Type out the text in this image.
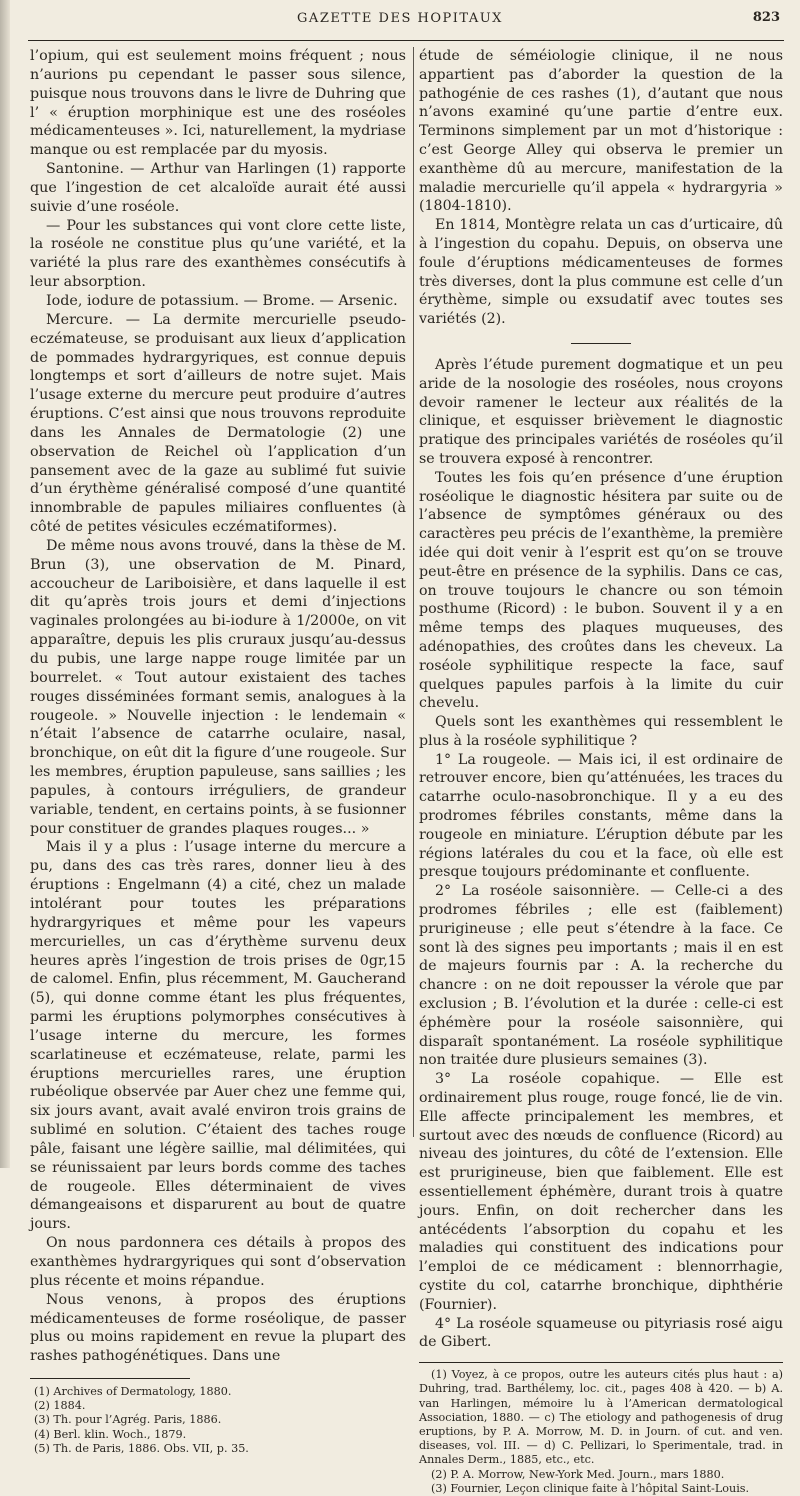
GAZETTE DES HOPITAUX	823

l’opium, qui est seulement moins fréquent ; nous n’aurions pu cependant le passer sous silence, puisque nous trouvons dans le livre de Duhring que l’ « éruption morphinique est une des roséoles médicamenteuses ». Ici, naturellement, la mydriase manque ou est remplacée par du myosis.

Santonine. — Arthur van Harlingen (1) rapporte que l’ingestion de cet alcaloïde aurait été aussi suivie d’une roséole.

— Pour les substances qui vont clore cette liste, la roséole ne constitue plus qu’une variété, et la variété la plus rare des exanthèmes consécutifs à leur absorption.

Iode, iodure de potassium. — Brome. — Arsenic.

Mercure. — La dermite mercurielle pseudo-eczémateuse, se produisant aux lieux d’application de pommades hydrargyriques, est connue depuis longtemps et sort d’ailleurs de notre sujet. Mais l’usage externe du mercure peut produire d’autres éruptions. C’est ainsi que nous trouvons reproduite dans les Annales de Dermatologie (2) une observation de Reichel où l’application d’un pansement avec de la gaze au sublimé fut suivie d’un érythème généralisé composé d’une quantité innombrable de papules miliaires confluentes (à côté de petites vésicules eczématiformes).

De même nous avons trouvé, dans la thèse de M. Brun (3), une observation de M. Pinard, accoucheur de Lariboisière, et dans laquelle il est dit qu’après trois jours et demi d’injections vaginales prolongées au bi-iodure à 1/2000e, on vit apparaître, depuis les plis cruraux jusqu’au-dessus du pubis, une large nappe rouge limitée par un bourrelet. « Tout autour existaient des taches rouges disséminées formant semis, analogues à la rougeole. » Nouvelle injection : le lendemain « n’était l’absence de catarrhe oculaire, nasal, bronchique, on eût dit la figure d’une rougeole. Sur les membres, éruption papuleuse, sans saillies ; les papules, à contours irréguliers, de grandeur variable, tendent, en certains points, à se fusionner pour constituer de grandes plaques rouges... »

Mais il y a plus : l’usage interne du mercure a pu, dans des cas très rares, donner lieu à des éruptions : Engelmann (4) a cité, chez un malade intolérant pour toutes les préparations hydrargyriques et même pour les vapeurs mercurielles, un cas d’érythème survenu deux heures après l’ingestion de trois prises de 0gr,15 de calomel. Enfin, plus récemment, M. Gaucherand (5), qui donne comme étant les plus fréquentes, parmi les éruptions polymorphes consécutives à l’usage interne du mercure, les formes scarlatineuse et eczémateuse, relate, parmi les éruptions mercurielles rares, une éruption rubéolique observée par Auer chez une femme qui, six jours avant, avait avalé environ trois grains de sublimé en solution. C’étaient des taches rouge pâle, faisant une légère saillie, mal délimitées, qui se réunissaient par leurs bords comme des taches de rougeole. Elles déterminaient de vives démangeaisons et disparurent au bout de quatre jours.

On nous pardonnera ces détails à propos des exanthèmes hydrargyriques qui sont d’observation plus récente et moins répandue.

Nous venons, à propos des éruptions médicamenteuses de forme roséolique, de passer plus ou moins rapidement en revue la plupart des rashes pathogénétiques. Dans une

(1) Archives of Dermatology, 1880.

(2) 1884.

(3) Th. pour l’Agrég. Paris, 1886.

(4) Berl. klin. Woch., 1879.

(5) Th. de Paris, 1886. Obs. VII, p. 35.

étude de séméiologie clinique, il ne nous appartient pas d’aborder la question de la pathogénie de ces rashes (1), d’autant que nous n’avons examiné qu’une partie d’entre eux. Terminons simplement par un mot d’historique : c’est George Alley qui observa le premier un exanthème dû au mercure, manifestation de la maladie mercurielle qu’il appela « hydrargyria » (1804-1810).

En 1814, Montègre relata un cas d’urticaire, dû à l’ingestion du copahu. Depuis, on observa une foule d’éruptions médicamenteuses de formes très diverses, dont la plus commune est celle d’un érythème, simple ou exsudatif avec toutes ses variétés (2).

Après l’étude purement dogmatique et un peu aride de la nosologie des roséoles, nous croyons devoir ramener le lecteur aux réalités de la clinique, et esquisser brièvement le diagnostic pratique des principales variétés de roséoles qu’il se trouvera exposé à rencontrer.

Toutes les fois qu’en présence d’une éruption roséolique le diagnostic hésitera par suite ou de l’absence de symptômes généraux ou des caractères peu précis de l’exanthème, la première idée qui doit venir à l’esprit est qu’on se trouve peut-être en présence de la syphilis. Dans ce cas, on trouve toujours le chancre ou son témoin posthume (Ricord) : le bubon. Souvent il y a en même temps des plaques muqueuses, des adénopathies, des croûtes dans les cheveux. La roséole syphilitique respecte la face, sauf quelques papules parfois à la limite du cuir chevelu.

Quels sont les exanthèmes qui ressemblent le plus à la roséole syphilitique ?

1° La rougeole. — Mais ici, il est ordinaire de retrouver encore, bien qu’atténuées, les traces du catarrhe oculo-nasobronchique. Il y a eu des prodromes fébriles constants, même dans la rougeole en miniature. L’éruption débute par les régions latérales du cou et la face, où elle est presque toujours prédominante et confluente.

2° La roséole saisonnière. — Celle-ci a des prodromes fébriles ; elle est (faiblement) prurigineuse ; elle peut s’étendre à la face. Ce sont là des signes peu importants ; mais il en est de majeurs fournis par : A. la recherche du chancre : on ne doit repousser la vérole que par exclusion ; B. l’évolution et la durée : celle-ci est éphémère pour la roséole saisonnière, qui disparaît spontanément. La roséole syphilitique non traitée dure plusieurs semaines (3).

3° La roséole copahique. — Elle est ordinairement plus rouge, rouge foncé, lie de vin. Elle affecte principalement les membres, et surtout avec des nœuds de confluence (Ricord) au niveau des jointures, du côté de l’extension. Elle est prurigineuse, bien que faiblement. Elle est essentiellement éphémère, durant trois à quatre jours. Enfin, on doit rechercher dans les antécédents l’absorption du copahu et les maladies qui constituent des indications pour l’emploi de ce médicament : blennorrhagie, cystite du col, catarrhe bronchique, diphthérie (Fournier).

4° La roséole squameuse ou pityriasis rosé aigu de Gibert.

(1) Voyez, à ce propos, outre les auteurs cités plus haut : a) Duhring, trad. Barthélemy, loc. cit., pages 408 à 420. — b) A. van Harlingen, mémoire lu à l’American dermatological Association, 1880. — c) The etiology and pathogenesis of drug eruptions, by P. A. Morrow, M. D. in Journ. of cut. and ven. diseases, vol. III. — d) C. Pellizari, lo Sperimentale, trad. in Annales Derm., 1885, etc., etc.

(2) P. A. Morrow, New-York Med. Journ., mars 1880.

(3) Fournier, Leçon clinique faite à l’hôpital Saint-Louis.
